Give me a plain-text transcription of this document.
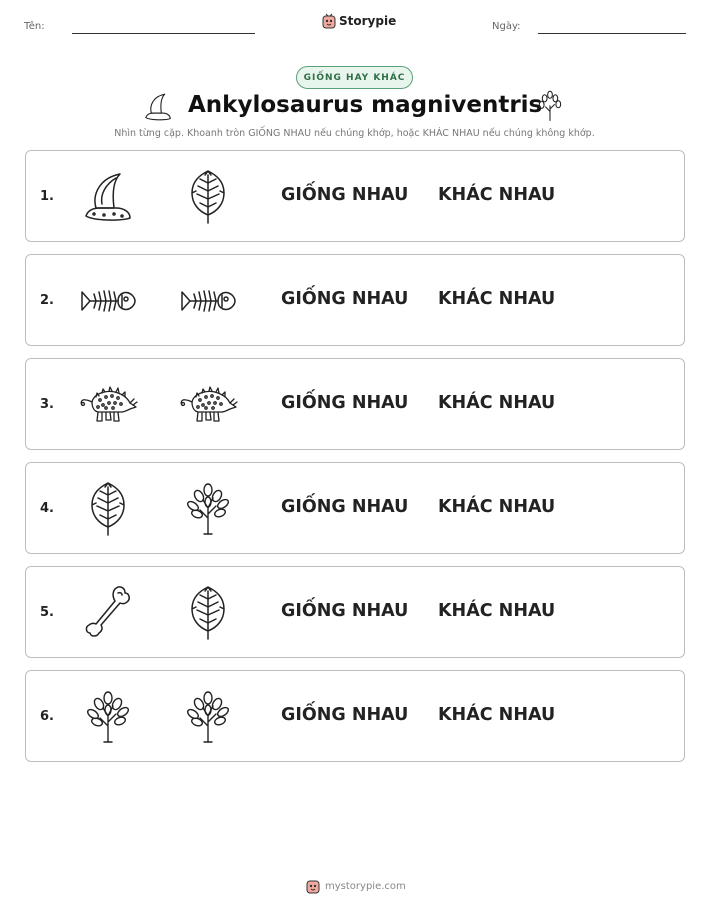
Tên:	Storypie	Ngày:
GIỐNG HAY KHÁC
Ankylosaurus magniventris
Nhìn từng cặp. Khoanh tròn GIỐNG NHAU nếu chúng khớp, hoặc KHÁC NHAU nếu chúng không khớp.
1.	GIỐNG NHAU KHÁC NHAU
2.	GIỐNG NHAU KHÁC NHAU
3.	GIỐNG NHAU KHÁC NHAU
4.	GIỐNG NHAU KHÁC NHAU
5.	GIỐNG NHAU KHÁC NHAU
6.	GIỐNG NHAU KHÁC NHAU
mystorypie.com
